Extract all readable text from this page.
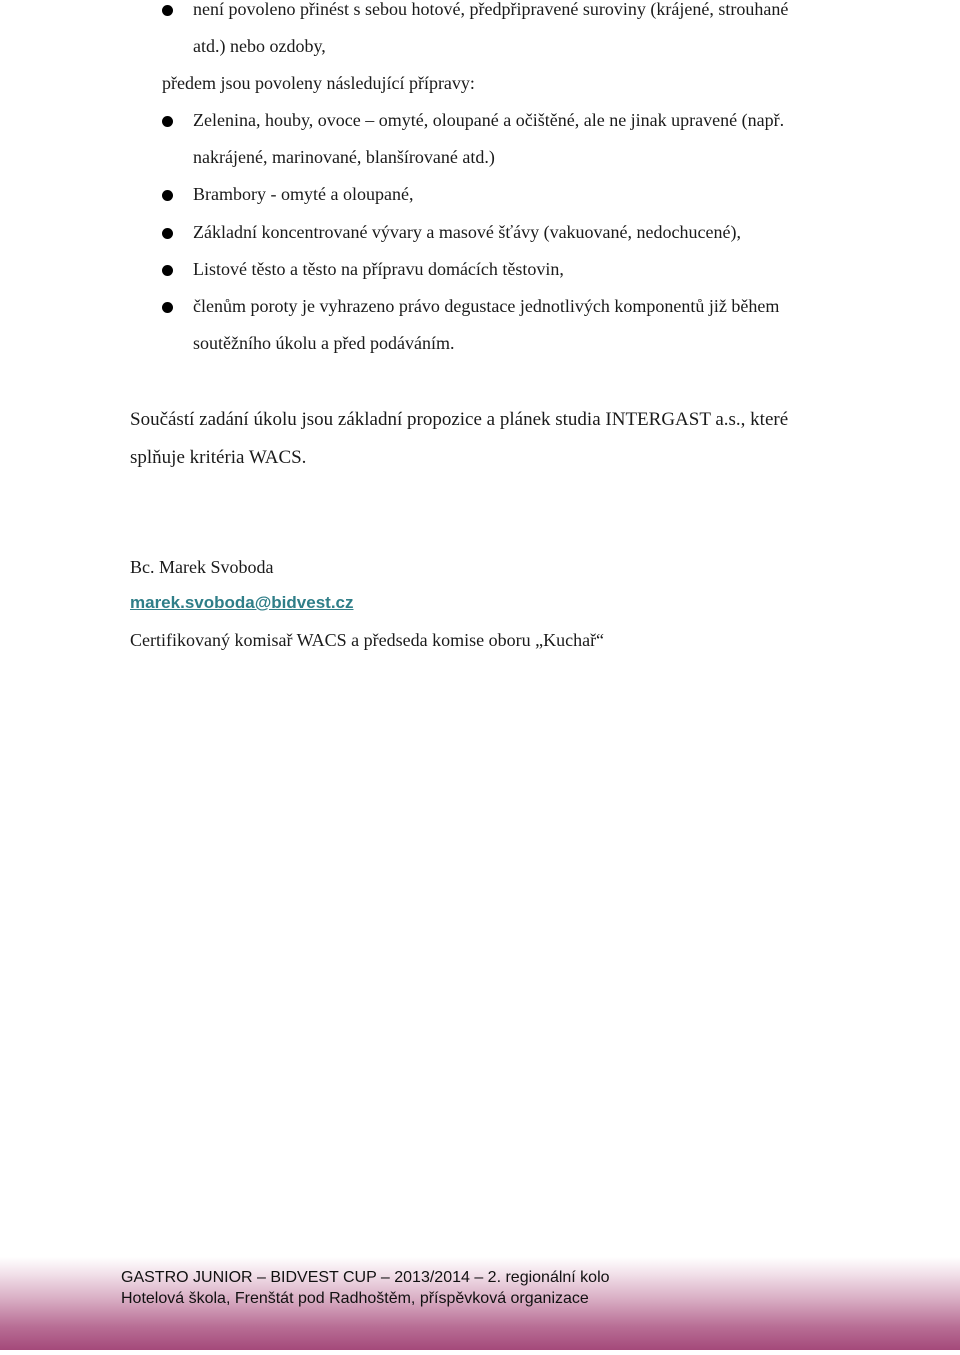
není povoleno přinést s sebou hotové, předpřipravené suroviny (krájené, strouhané
atd.) nebo ozdoby,
předem jsou povoleny následující přípravy:
Zelenina, houby, ovoce – omyté, oloupané a očištěné, ale ne jinak upravené (např.
nakrájené, marinované, blanšírované atd.)
Brambory - omyté a oloupané,
Základní koncentrované vývary a masové šťávy (vakuované, nedochucené),
Listové těsto a těsto na přípravu domácích těstovin,
členům poroty je vyhrazeno právo degustace jednotlivých komponentů již během
soutěžního úkolu a před podáváním.
Součástí zadání úkolu jsou základní propozice a plánek studia INTERGAST a.s., které
splňuje kritéria WACS.
Bc. Marek Svoboda
marek.svoboda@bidvest.cz
Certifikovaný komisař WACS a předseda komise oboru „Kuchař“
GASTRO JUNIOR – BIDVEST CUP – 2013/2014 – 2. regionální kolo
Hotelová škola, Frenštát pod Radhoštěm, příspěvková organizace
